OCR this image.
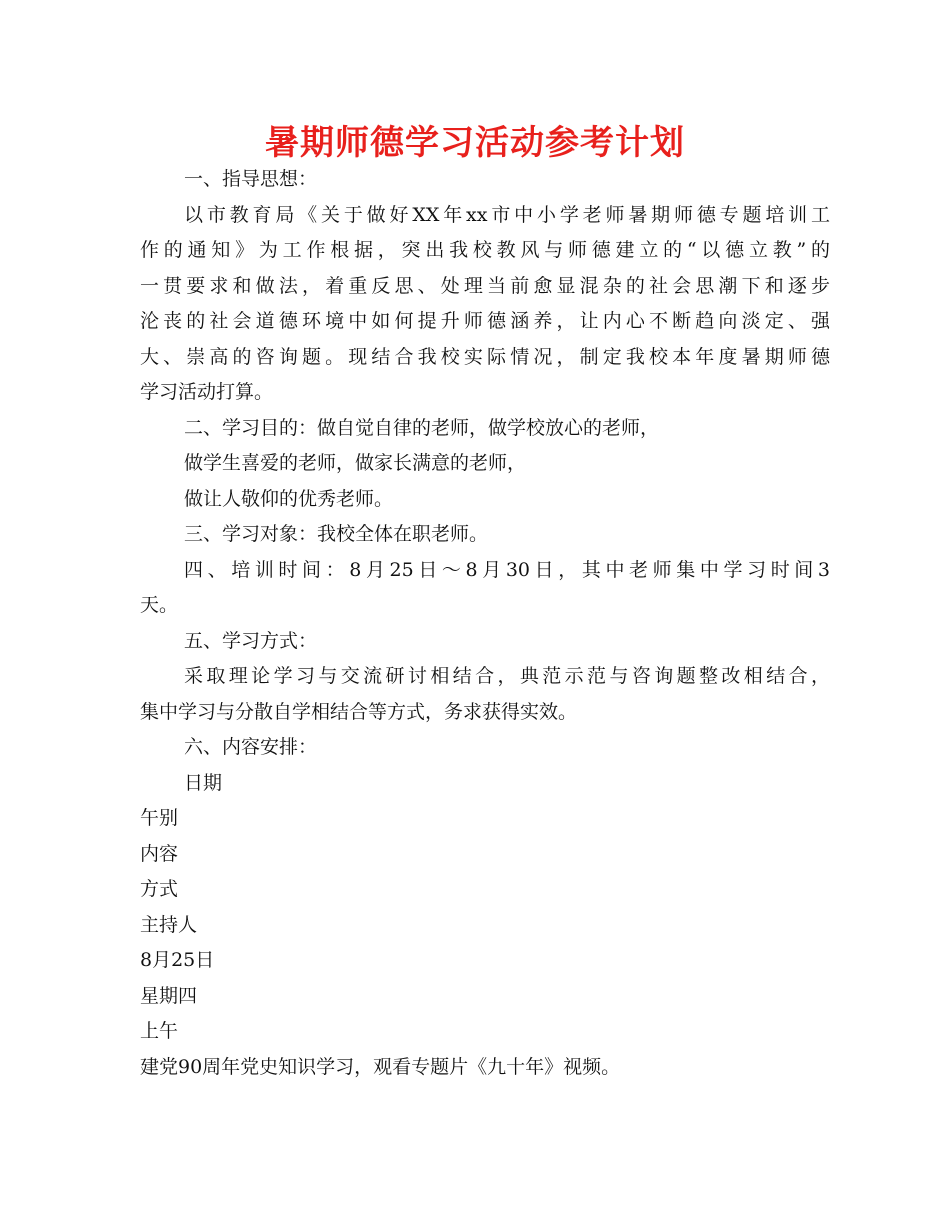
暑期师德学习活动参考计划

一、指导思想：

以市教育局《关于做好XX年xx市中小学老师暑期师德专题培训工

作的通知》为工作根据，突出我校教风与师德建立的“以德立教”的

一贯要求和做法，着重反思、处理当前愈显混杂的社会思潮下和逐步

沦丧的社会道德环境中如何提升师德涵养，让内心不断趋向淡定、强

大、崇高的咨询题。现结合我校实际情况，制定我校本年度暑期师德

学习活动打算。

二、学习目的：做自觉自律的老师，做学校放心的老师，

做学生喜爱的老师，做家长满意的老师，

做让人敬仰的优秀老师。

三、学习对象：我校全体在职老师。

四、培训时间：8月25日～8月30日，其中老师集中学习时间3

天。

五、学习方式：

采取理论学习与交流研讨相结合，典范示范与咨询题整改相结合，

集中学习与分散自学相结合等方式，务求获得实效。

六、内容安排：

日期

午别

内容

方式

主持人

8月25日

星期四

上午

建党90周年党史知识学习，观看专题片《九十年》视频。
